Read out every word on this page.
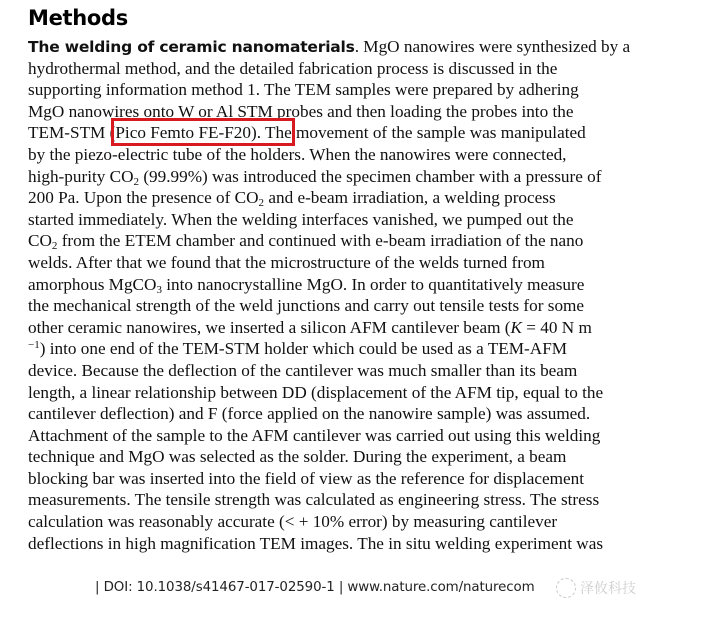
Methods
The welding of ceramic nanomaterials. MgO nanowires were synthesized by a
hydrothermal method, and the detailed fabrication process is discussed in the
supporting information method 1. The TEM samples were prepared by adhering
MgO nanowires onto W or Al STM probes and then loading the probes into the
TEM-STM (Pico Femto FE-F20). The movement of the sample was manipulated
by the piezo-electric tube of the holders. When the nanowires were connected,
high-purity $CO_2$ (99.99%) was introduced the specimen chamber with a pressure of
200 Pa. Upon the presence of $CO_2$ and e-beam irradiation, a welding process
started immediately. When the welding interfaces vanished, we pumped out the
$CO_2$ from the ETEM chamber and continued with e-beam irradiation of the nano
welds. After that we found that the microstructure of the welds turned from
amorphous MgCO$_3$ into nanocrystalline MgO. In order to quantitatively measure
the mechanical strength of the weld junctions and carry out tensile tests for some
other ceramic nanowires, we inserted a silicon AFM cantilever beam (K = 40 N m
$^{-1}$) into one end of the TEM-STM holder which could be used as a TEM-AFM
device. Because the deflection of the cantilever was much smaller than its beam
length, a linear relationship between DD (displacement of the AFM tip, equal to the
cantilever deflection) and F (force applied on the nanowire sample) was assumed.
Attachment of the sample to the AFM cantilever was carried out using this welding
technique and MgO was selected as the solder. During the experiment, a beam
blocking bar was inserted into the field of view as the reference for displacement
measurements. The tensile strength was calculated as engineering stress. The stress
calculation was reasonably accurate (< + 10% error) by measuring cantilever
deflections in high magnification TEM images. The in situ welding experiment was
| DOI: 10.1038/s41467-017-02590-1 | www.nature.com/naturecom	泽攸科技
